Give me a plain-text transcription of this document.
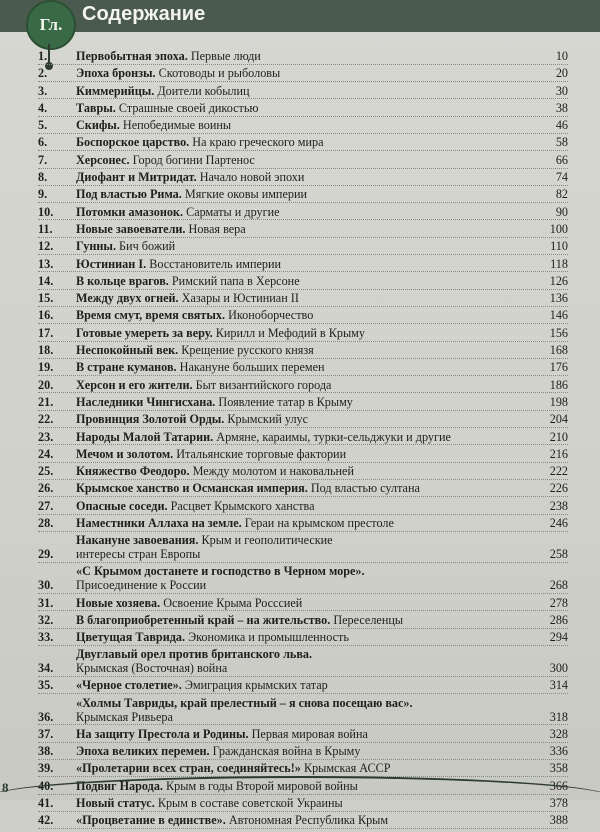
Гл. Содержание
1.	Первобытная эпоха. Первые люди	10
2.	Эпоха бронзы. Скотоводы и рыболовы	20
3.	Киммерийцы. Доители кобылиц	30
4.	Тавры. Страшные своей дикостью	38
5.	Скифы. Непобедимые воины	46
6.	Боспорское царство. На краю греческого мира	58
7.	Херсонес. Город богини Партенос	66
8.	Диофант и Митридат. Начало новой эпохи	74
9.	Под властью Рима. Мягкие оковы империи	82
10.	Потомки амазонок. Сарматы и другие	90
11.	Новые завоеватели. Новая вера	100
12.	Гунны. Бич божий	110
13.	Юстиниан I. Восстановитель империи	118
14.	В кольце врагов. Римский папа в Херсоне	126
15.	Между двух огней. Хазары и Юстиниан II	136
16.	Время смут, время святых. Иконоборчество	146
17.	Готовые умереть за веру. Кирилл и Мефодий в Крыму	156
18.	Неспокойный век. Крещение русского князя	168
19.	В стране куманов. Накануне больших перемен	176
20.	Херсон и его жители. Быт византийского города	186
21.	Наследники Чингисхана. Появление татар в Крыму	198
22.	Провинция Золотой Орды. Крымский улус	204
23.	Народы Малой Татарии. Армяне, караимы, турки-сельджуки и другие	210
24.	Мечом и золотом. Итальянские торговые фактории	216
25.	Княжество Феодоро. Между молотом и наковальней	222
26.	Крымское ханство и Османская империя. Под властью султана	226
27.	Опасные соседи. Расцвет Крымского ханства	238
28.	Наместники Аллаха на земле. Гераи на крымском престоле	246
29.
Накануне завоевания. Крым и геополитические
интересы стран Европы	258
30.
«С Крымом достанете и господство в Черном море».
Присоединение к России	268
31.	Новые хозяева. Освоение Крыма Росссией	278
32.	В благоприобретенный край – на жительство. Переселенцы	286
33.	Цветущая Таврида. Экономика и промышленность	294
34.
Двуглавый орел против британского льва.
Крымская (Восточная) война	300
35.	«Черное столетие». Эмиграция крымских татар	314
36.
«Холмы Тавриды, край прелестный – я снова посещаю вас».
Крымская Ривьера	318
37.	На защиту Престола и Родины. Первая мировая война	328
38.	Эпоха великих перемен. Гражданская война в Крыму	336
39.	«Пролетарии всех стран, соединяйтесь!» Крымская АССР	358
40.	Подвиг Народа. Крым в годы Второй мировой войны	366
41.	Новый статус. Крым в составе советской Украины	378
42.	«Процветание в единстве». Автономная Республика Крым	388
8
